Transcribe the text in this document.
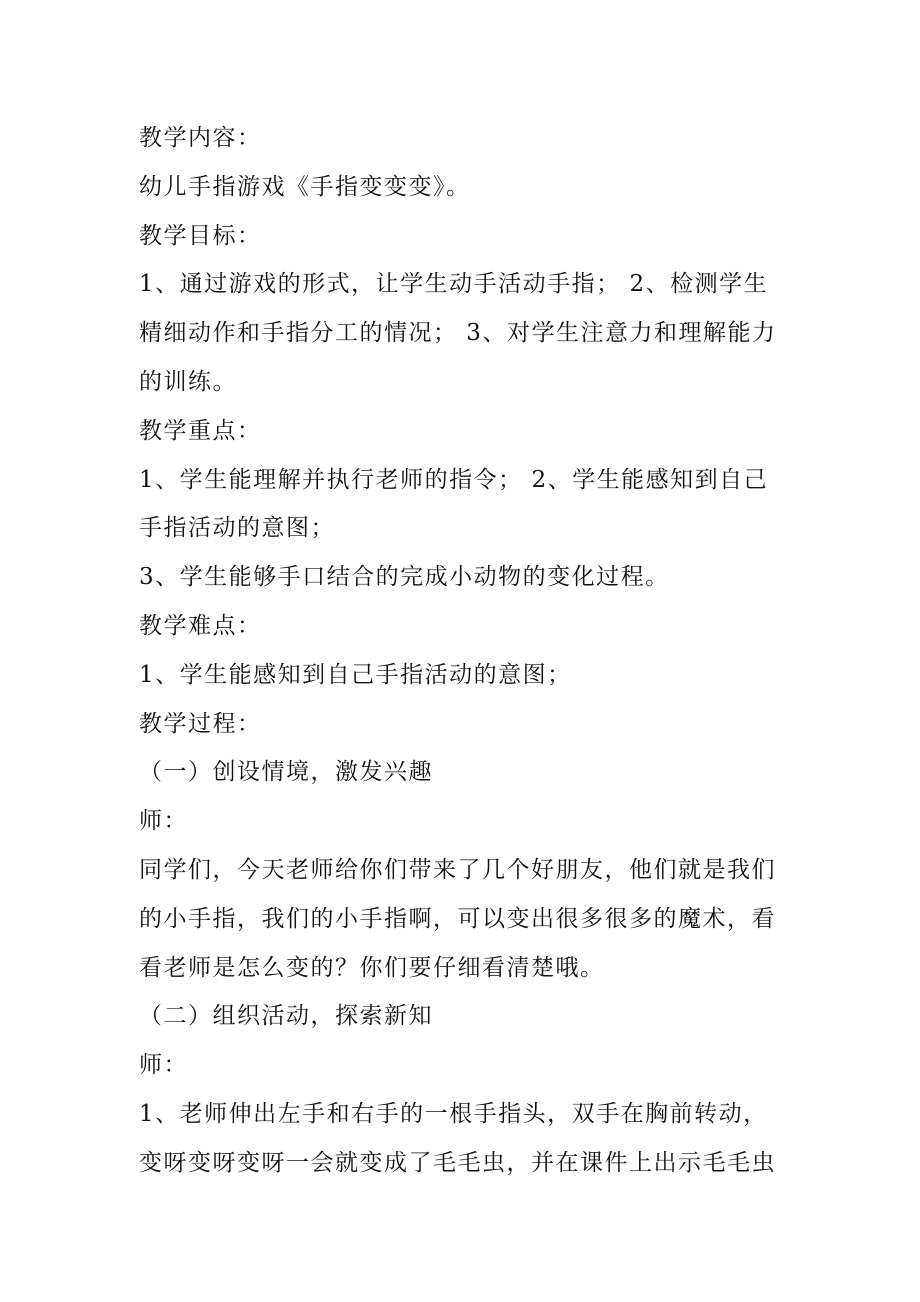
教学内容：
幼儿手指游戏《手指变变变》。
教学目标：
1、通过游戏的形式，让学生动手活动手指； 2、检测学生
精细动作和手指分工的情况； 3、对学生注意力和理解能力
的训练。
教学重点：
1、学生能理解并执行老师的指令； 2、学生能感知到自己
手指活动的意图；
3、学生能够手口结合的完成小动物的变化过程。
教学难点：
1、学生能感知到自己手指活动的意图；
教学过程：
（一）创设情境，激发兴趣
师：
同学们，今天老师给你们带来了几个好朋友，他们就是我们
的小手指，我们的小手指啊，可以变出很多很多的魔术，看
看老师是怎么变的？你们要仔细看清楚哦。
（二）组织活动，探索新知
师：
1、老师伸出左手和右手的一根手指头，双手在胸前转动，
变呀变呀变呀一会就变成了毛毛虫，并在课件上出示毛毛虫
